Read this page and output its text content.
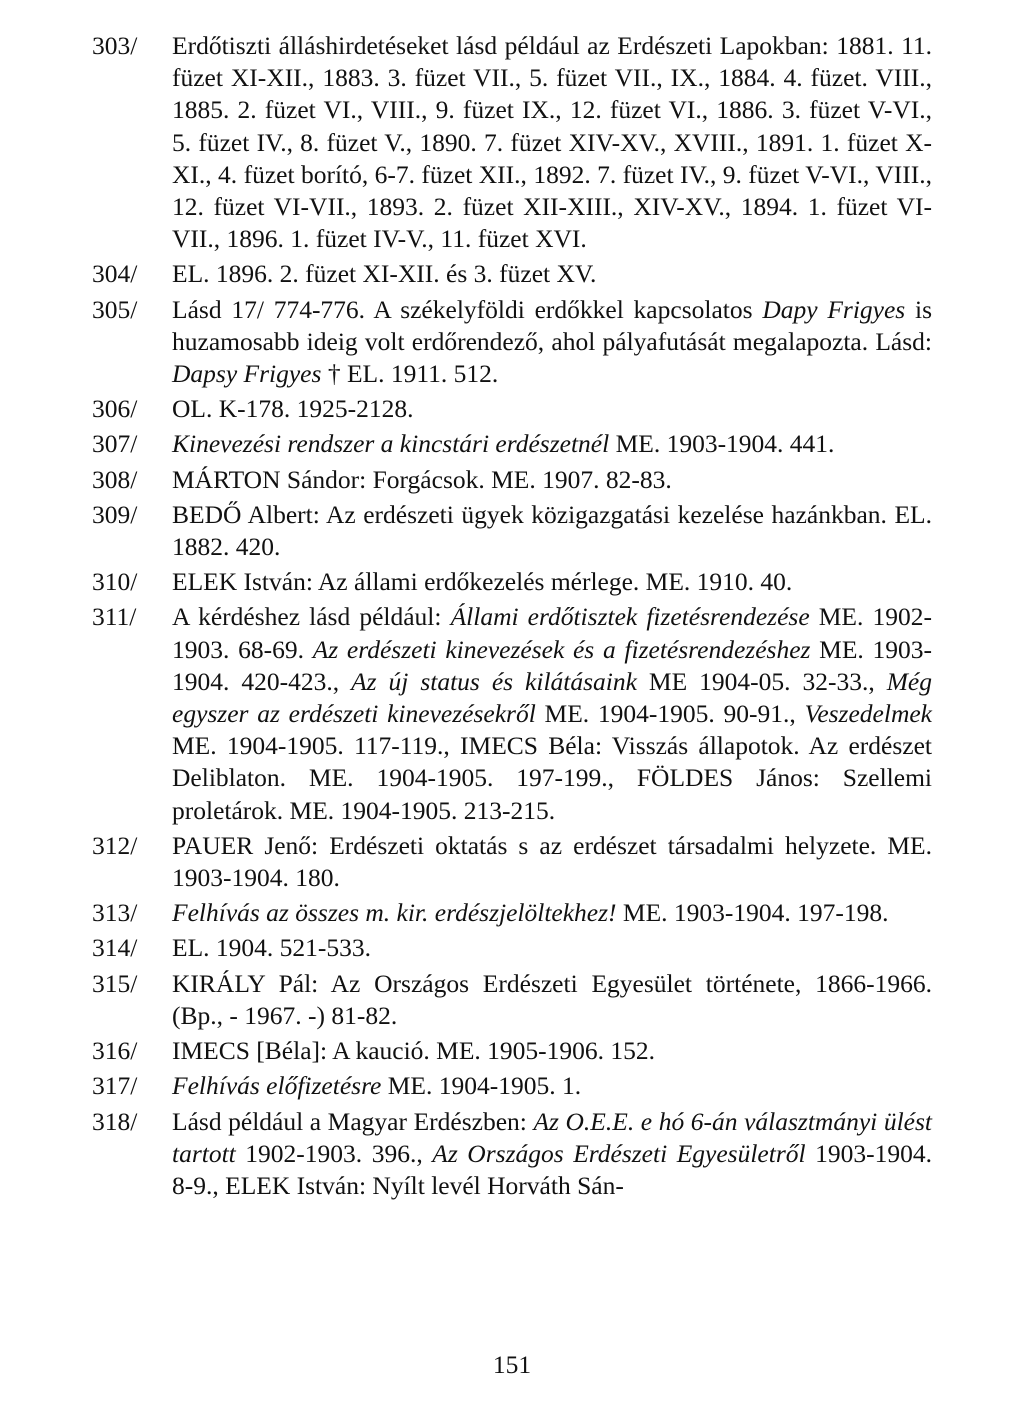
303/ Erdőtiszti álláshirdetéseket lásd például az Erdészeti Lapokban: 1881. 11. füzet XI-XII., 1883. 3. füzet VII., 5. füzet VII., IX., 1884. 4. füzet. VIII., 1885. 2. füzet VI., VIII., 9. füzet IX., 12. füzet VI., 1886. 3. füzet V-VI., 5. füzet IV., 8. füzet V., 1890. 7. füzet XIV-XV., XVIII., 1891. 1. füzet X-XI., 4. füzet borító, 6-7. füzet XII., 1892. 7. füzet IV., 9. füzet V-VI., VIII., 12. füzet VI-VII., 1893. 2. füzet XII-XIII., XIV-XV., 1894. 1. füzet VI-VII., 1896. 1. füzet IV-V., 11. füzet XVI.
304/ EL. 1896. 2. füzet XI-XII. és 3. füzet XV.
305/ Lásd 17/ 774-776. A székelyföldi erdőkkel kapcsolatos Dapy Frigyes is huzamosabb ideig volt erdőrendező, ahol pályafutását megalapozta. Lásd: Dapsy Frigyes † EL. 1911. 512.
306/ OL. K-178. 1925-2128.
307/ Kinevezési rendszer a kincstári erdészetnél ME. 1903-1904. 441.
308/ MÁRTON Sándor: Forgácsok. ME. 1907. 82-83.
309/ BEDŐ Albert: Az erdészeti ügyek közigazgatási kezelése hazánkban. EL. 1882. 420.
310/ ELEK István: Az állami erdőkezelés mérlege. ME. 1910. 40.
311/ A kérdéshez lásd például: Állami erdőtisztek fizetésrendezése ME. 1902-1903. 68-69. Az erdészeti kinevezések és a fizetésrendezéshez ME. 1903-1904. 420-423., Az új status és kilátásaink ME 1904-05. 32-33., Még egyszer az erdészeti kinevezésekről ME. 1904-1905. 90-91., Veszedelmek ME. 1904-1905. 117-119., IMECS Béla: Visszás állapotok. Az erdészet Deliblaton. ME. 1904-1905. 197-199., FÖLDES János: Szellemi proletárok. ME. 1904-1905. 213-215.
312/ PAUER Jenő: Erdészeti oktatás s az erdészet társadalmi helyzete. ME. 1903-1904. 180.
313/ Felhívás az összes m. kir. erdészjelöltekhez! ME. 1903-1904. 197-198.
314/ EL. 1904. 521-533.
315/ KIRÁLY Pál: Az Országos Erdészeti Egyesület története, 1866-1966. (Bp., - 1967. -) 81-82.
316/ IMECS [Béla]: A kaució. ME. 1905-1906. 152.
317/ Felhívás előfizetésre ME. 1904-1905. 1.
318/ Lásd például a Magyar Erdészben: Az O.E.E. e hó 6-án választmányi ülést tartott 1902-1903. 396., Az Országos Erdészeti Egyesületről 1903-1904. 8-9., ELEK István: Nyílt levél Horváth Sán-
151
